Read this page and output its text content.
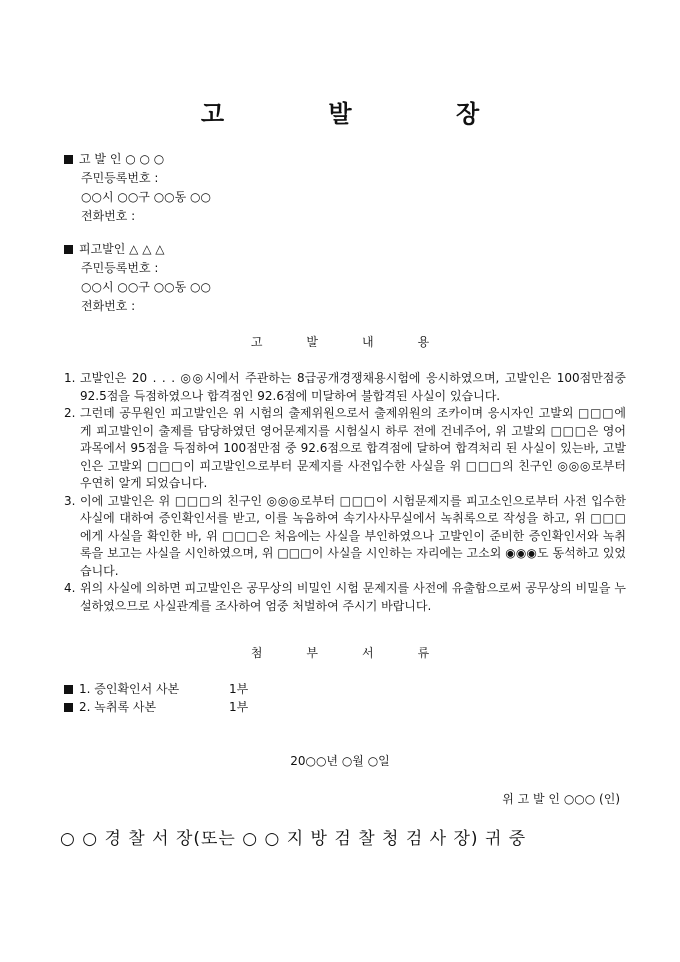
고 발 장
고 발 인 ○ ○ ○
주민등록번호 :
○○시 ○○구 ○○동 ○○
전화번호 :
피고발인 △ △ △
주민등록번호 :
○○시 ○○구 ○○동 ○○
전화번호 :
고	발	내	용
1. 고발인은 20 . . . ◎◎시에서 주관하는 8급공개경쟁채용시험에 응시하였으며, 고발인은 100점만점중 92.5점을 득점하였으나 합격점인 92.6점에 미달하여 불합격된 사실이 있습니다.
2. 그런데 공무원인 피고발인은 위 시험의 출제위원으로서 출제위원의 조카이며 응시자인 고발외 □□□에게 피고발인이 출제를 담당하였던 영어문제지를 시험실시 하루 전에 건네주어, 위 고발외 □□□은 영어과목에서 95점을 득점하여 100점만점 중 92.6점으로 합격점에 달하여 합격처리 된 사실이 있는바, 고발인은 고발외 □□□이 피고발인으로부터 문제지를 사전입수한 사실을 위 □□□의 친구인 ◎◎◎로부터 우연히 알게 되었습니다.
3. 이에 고발인은 위 □□□의 친구인 ◎◎◎로부터 □□□이 시험문제지를 피고소인으로부터 사전 입수한 사실에 대하여 증인확인서를 받고, 이를 녹음하여 속기사사무실에서 녹취록으로 작성을 하고, 위 □□□에게 사실을 확인한 바, 위 □□□은 처음에는 사실을 부인하였으나 고발인이 준비한 증인확인서와 녹취록을 보고는 사실을 시인하였으며, 위 □□□이 사실을 시인하는 자리에는 고소외 ◉◉◉도 동석하고 있었습니다.
4. 위의 사실에 의하면 피고발인은 공무상의 비밀인 시험 문제지를 사전에 유출함으로써 공무상의 비밀을 누설하였으므로 사실관계를 조사하여 엄중 처벌하여 주시기 바랍니다.
첨	부	서	류
1. 증인확인서 사본	1부
2. 녹취록 사본	1부
20○○년 ○월 ○일
위 고 발 인 ○○○ (인)
○ ○ 경 찰 서 장(또는 ○ ○ 지 방 검 찰 청 검 사 장) 귀 중
